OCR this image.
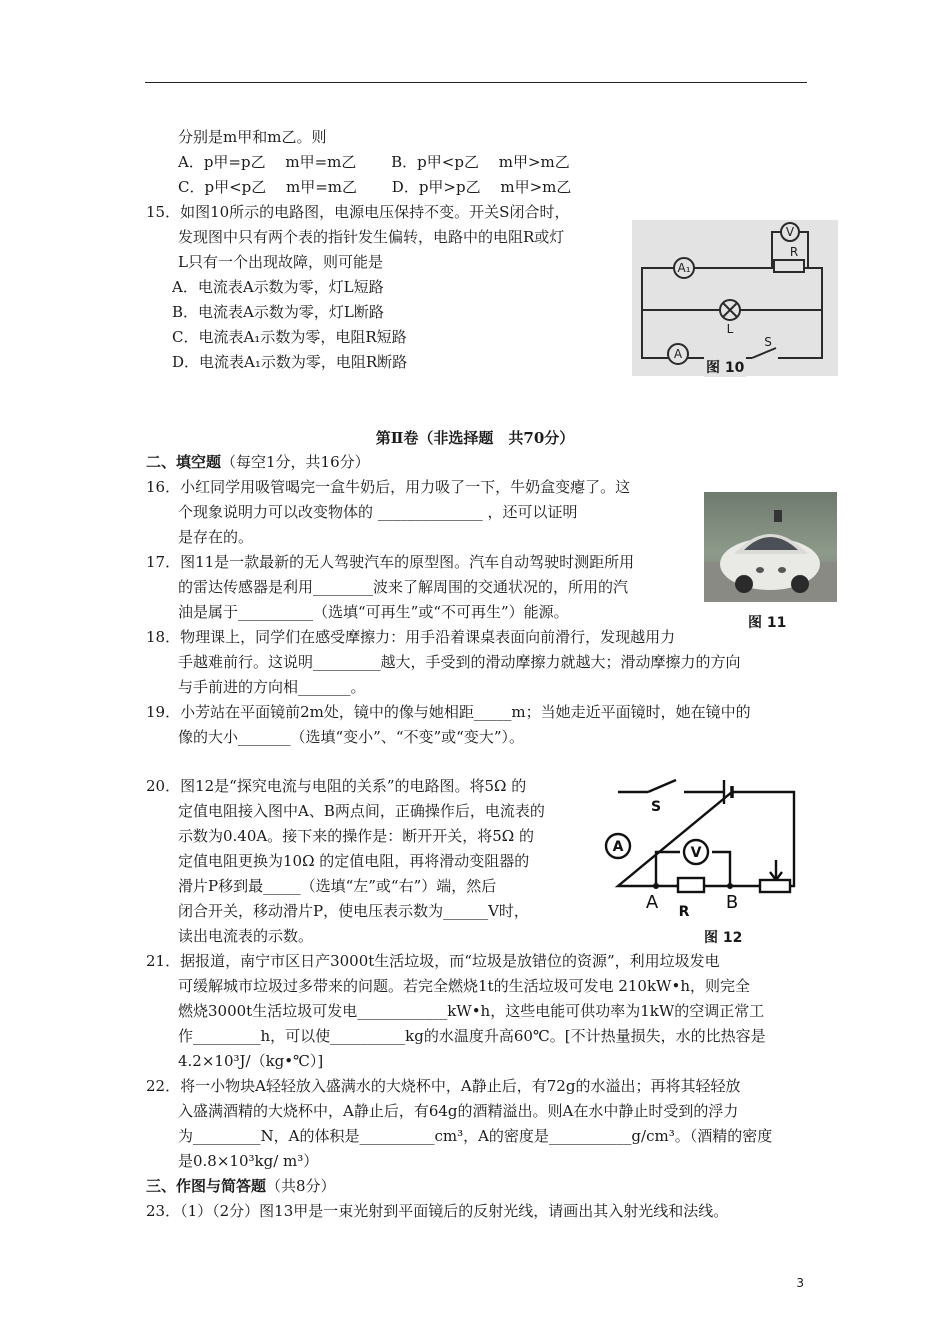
分别是m甲和m乙。则
A．p甲=p乙　 m甲=m乙　　 B．p甲<p乙　 m甲>m乙
C．p甲<p乙　 m甲=m乙　　 D．p甲>p乙　 m甲>m乙
15．如图10所示的电路图，电源电压保持不变。开关S闭合时，
发现图中只有两个表的指针发生偏转，电路中的电阻R或灯
L只有一个出现故障，则可能是
A．电流表A示数为零，灯L短路
B．电流表A示数为零，灯L断路
C．电流表A₁示数为零，电阻R短路
D．电流表A₁示数为零，电阻R断路
A₁
V
R
L
A
S
图 10
第Ⅱ卷（非选择题　共70分）
二、填空题（每空1分，共16分）
16．小红同学用吸管喝完一盒牛奶后，用力吸了一下，牛奶盒变瘪了。这
个现象说明力可以改变物体的 ______________ ，还可以证明
是存在的。
图 11
17．图11是一款最新的无人驾驶汽车的原型图。汽车自动驾驶时测距所用
的雷达传感器是利用________波来了解周围的交通状况的，所用的汽
油是属于__________（选填“可再生”或“不可再生”）能源。
18．物理课上，同学们在感受摩擦力：用手沿着课桌表面向前滑行，发现越用力
手越难前行。这说明_________越大，手受到的滑动摩擦力就越大；滑动摩擦力的方向
与手前进的方向相_______。
19．小芳站在平面镜前2m处，镜中的像与她相距_____m；当她走近平面镜时，她在镜中的
像的大小_______（选填“变小”、“不变”或“变大”）。
20．图12是“探究电流与电阻的关系”的电路图。将5Ω 的
定值电阻接入图中A、B两点间，正确操作后，电流表的
示数为0.40A。接下来的操作是：断开开关，将5Ω 的
定值电阻更换为10Ω 的定值电阻，再将滑动变阻器的
滑片P移到最_____（选填“左”或“右”）端，然后
闭合开关，移动滑片P，使电压表示数为______V时，
读出电流表的示数。
S
A	V
A R B
图 12
21．据报道，南宁市区日产3000t生活垃圾，而“垃圾是放错位的资源”，利用垃圾发电
可缓解城市垃圾过多带来的问题。若完全燃烧1t的生活垃圾可发电 210kW•h，则完全
燃烧3000t生活垃圾可发电____________kW•h，这些电能可供功率为1kW的空调正常工
作_________h，可以使__________kg的水温度升高60℃。[不计热量损失，水的比热容是
4.2×10³J/（kg•℃）]
22．将一小物块A轻轻放入盛满水的大烧杯中，A静止后，有72g的水溢出；再将其轻轻放
入盛满酒精的大烧杯中，A静止后，有64g的酒精溢出。则A在水中静止时受到的浮力
为_________N，A的体积是__________cm³，A的密度是___________g/cm³。（酒精的密度
是0.8×10³kg/ m³）
三、作图与简答题（共8分）
23．（1）（2分）图13甲是一束光射到平面镜后的反射光线，请画出其入射光线和法线。
3
